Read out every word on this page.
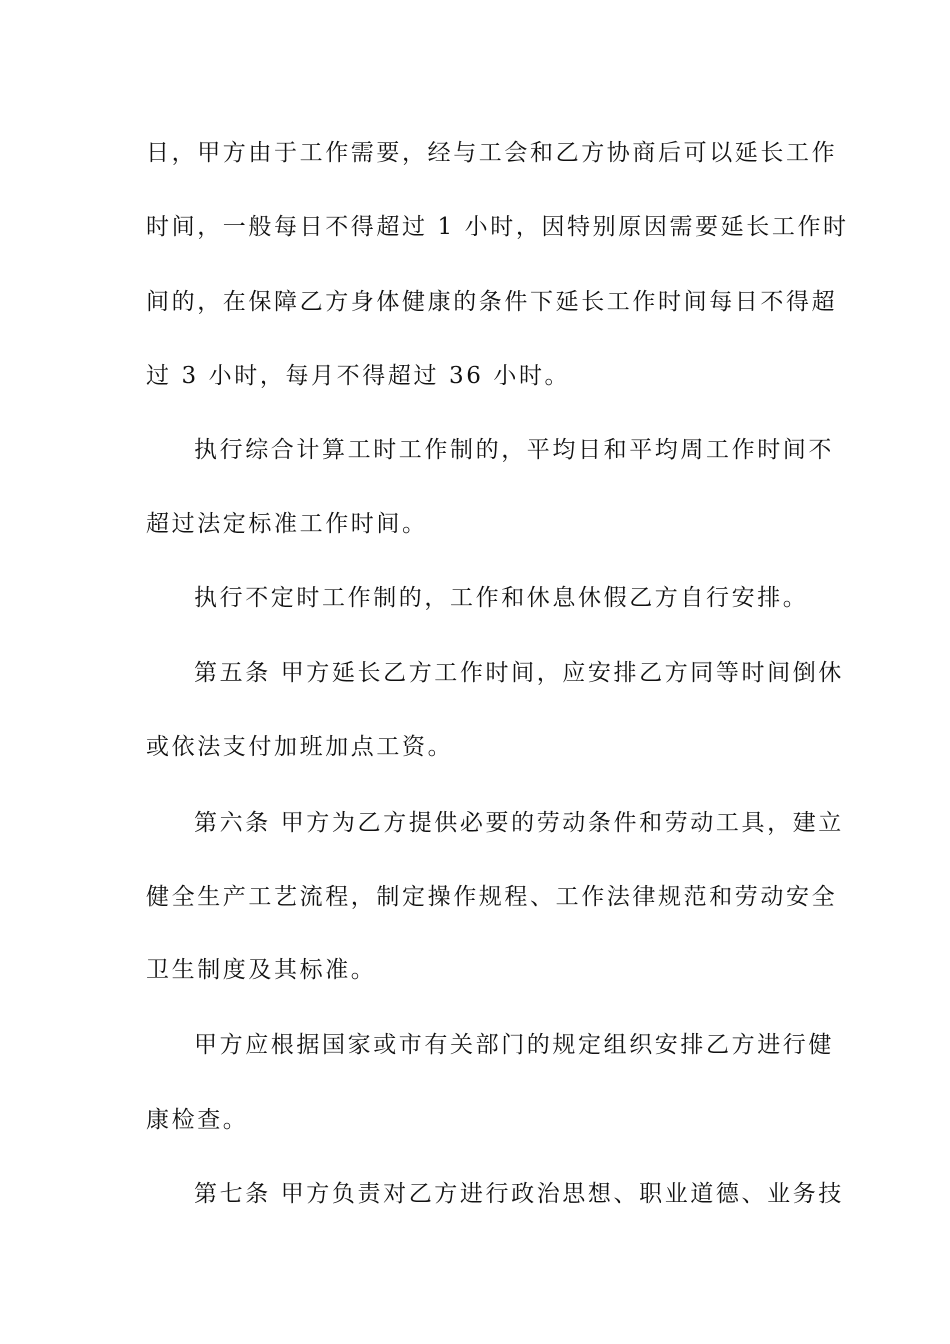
日，甲方由于工作需要，经与工会和乙方协商后可以延长工作
时间，一般每日不得超过 1 小时，因特别原因需要延长工作时
间的，在保障乙方身体健康的条件下延长工作时间每日不得超
过 3 小时，每月不得超过 36 小时。
执行综合计算工时工作制的，平均日和平均周工作时间不
超过法定标准工作时间。
执行不定时工作制的，工作和休息休假乙方自行安排。
第五条 甲方延长乙方工作时间，应安排乙方同等时间倒休
或依法支付加班加点工资。
第六条 甲方为乙方提供必要的劳动条件和劳动工具，建立
健全生产工艺流程，制定操作规程、工作法律规范和劳动安全
卫生制度及其标准。
甲方应根据国家或市有关部门的规定组织安排乙方进行健
康检查。
第七条 甲方负责对乙方进行政治思想、职业道德、业务技
